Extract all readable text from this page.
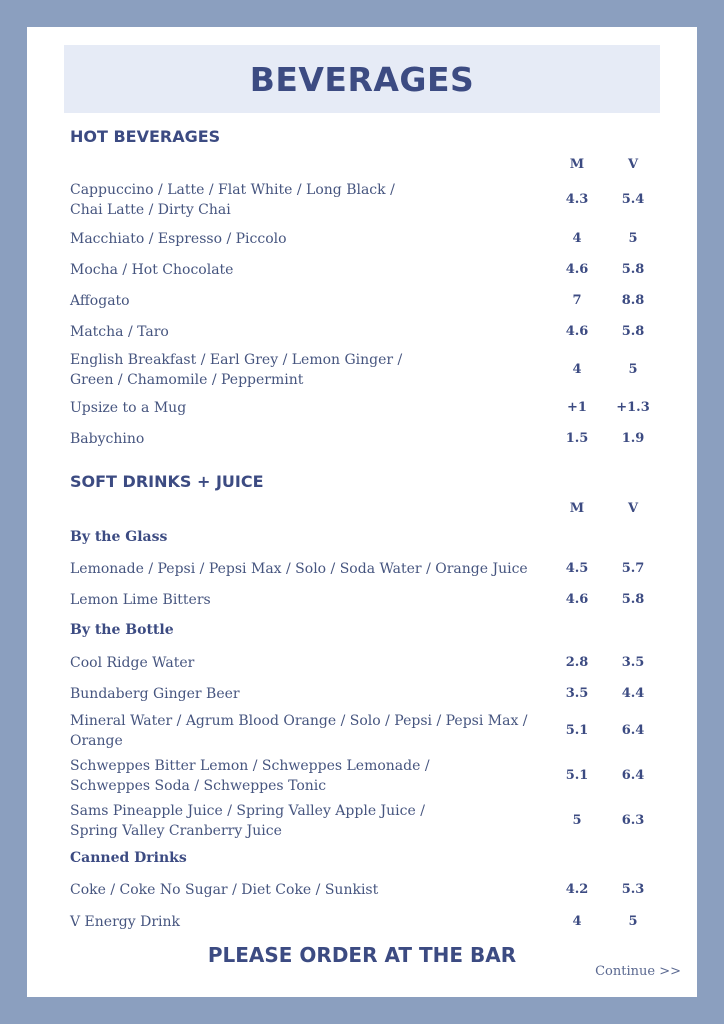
BEVERAGES
HOT BEVERAGES
M	V
Cappuccino / Latte / Flat White / Long Black /
Chai Latte / Dirty Chai
4.3	5.4
Macchiato / Espresso / Piccolo	4	5
Mocha / Hot Chocolate	4.6	5.8
Affogato	7	8.8
Matcha / Taro	4.6	5.8
English Breakfast / Earl Grey / Lemon Ginger /
Green / Chamomile / Peppermint
4	5
Upsize to a Mug	+1	+1.3
Babychino	1.5	1.9
SOFT DRINKS + JUICE
M	V
By the Glass
Lemonade / Pepsi / Pepsi Max / Solo / Soda Water / Orange Juice	4.5	5.7
Lemon Lime Bitters	4.6	5.8
By the Bottle
Cool Ridge Water	2.8	3.5
Bundaberg Ginger Beer	3.5	4.4
Mineral Water / Agrum Blood Orange / Solo / Pepsi / Pepsi Max /
Orange
5.1	6.4
Schweppes Bitter Lemon / Schweppes Lemonade /
Schweppes Soda / Schweppes Tonic
5.1	6.4
Sams Pineapple Juice / Spring Valley Apple Juice /
Spring Valley Cranberry Juice
5	6.3
Canned Drinks
Coke / Coke No Sugar / Diet Coke / Sunkist	4.2	5.3
V Energy Drink	4	5
PLEASE ORDER AT THE BAR
Continue >>
